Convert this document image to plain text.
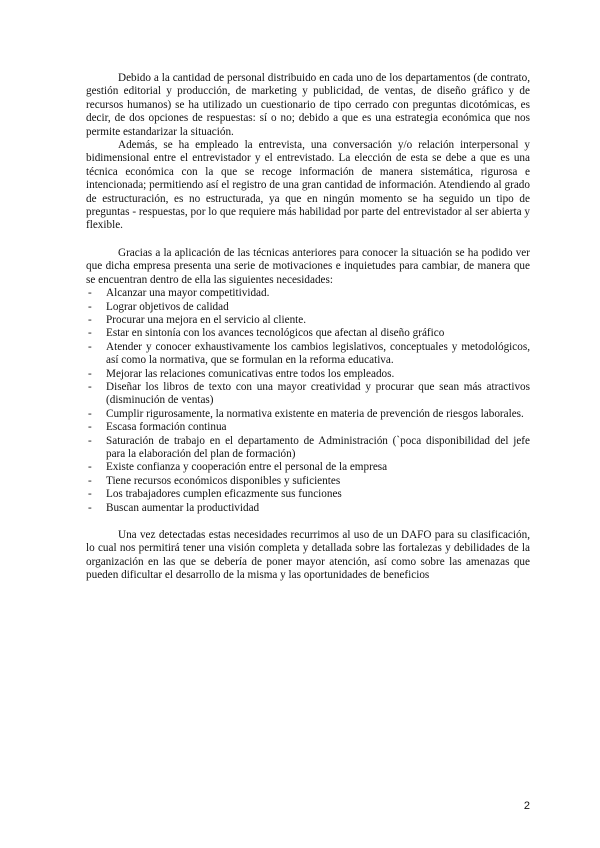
Debido a la cantidad de personal distribuido en cada uno de los departamentos (de contrato, gestión editorial y producción, de marketing y publicidad, de ventas, de diseño gráfico y de recursos humanos) se ha utilizado un cuestionario de tipo cerrado con preguntas dicotómicas, es decir, de dos opciones de respuestas: sí o no; debido a que es una estrategia económica que nos permite estandarizar la situación.

Además, se ha empleado la entrevista, una conversación y/o relación interpersonal y bidimensional entre el entrevistador y el entrevistado. La elección de esta se debe a que es una técnica económica con la que se recoge información de manera sistemática, rigurosa e intencionada; permitiendo así el registro de una gran cantidad de información. Atendiendo al grado de estructuración, es no estructurada, ya que en ningún momento se ha seguido un tipo de preguntas - respuestas, por lo que requiere más habilidad por parte del entrevistador al ser abierta y flexible.

Gracias a la aplicación de las técnicas anteriores para conocer la situación se ha podido ver que dicha empresa presenta una serie de motivaciones e inquietudes para cambiar, de manera que se encuentran dentro de ella las siguientes necesidades:

- Alcanzar una mayor competitividad.
- Lograr objetivos de calidad
- Procurar una mejora en el servicio al cliente.
- Estar en sintonía con los avances tecnológicos que afectan al diseño gráfico
- Atender y conocer exhaustivamente los cambios legislativos, conceptuales y metodológicos, así como la normativa, que se formulan en la reforma educativa.
- Mejorar las relaciones comunicativas entre todos los empleados.
- Diseñar los libros de texto con una mayor creatividad y procurar que sean más atractivos (disminución de ventas)
- Cumplir rigurosamente, la normativa existente en materia de prevención de riesgos laborales.
- Escasa formación continua
- Saturación de trabajo en el departamento de Administración (`poca disponibilidad del jefe para la elaboración del plan de formación)
- Existe confianza y cooperación entre el personal de la empresa
- Tiene recursos económicos disponibles y suficientes
- Los trabajadores cumplen eficazmente sus funciones
- Buscan aumentar la productividad

Una vez detectadas estas necesidades recurrimos al uso de un DAFO para su clasificación, lo cual nos permitirá tener una visión completa y detallada sobre las fortalezas y debilidades de la organización en las que se debería de poner mayor atención, así como sobre las amenazas que pueden dificultar el desarrollo de la misma y las oportunidades de beneficios

2
